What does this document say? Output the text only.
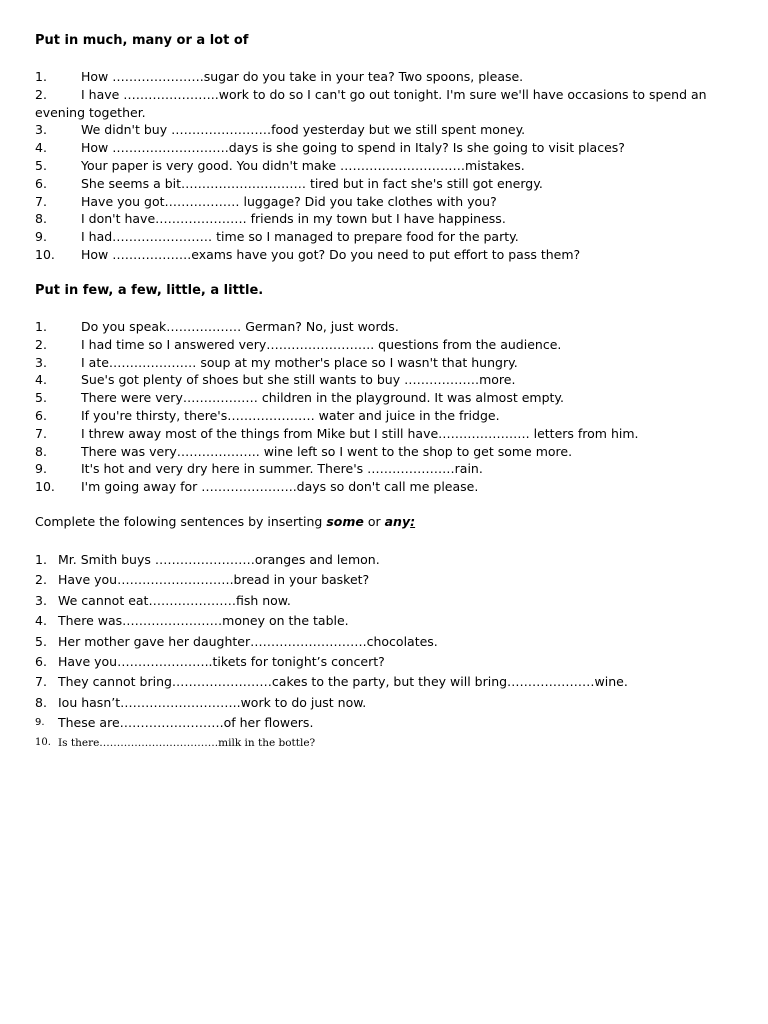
Put in much, many or a lot of
1.	How ………………….sugar do you take in your tea? Two spoons, please.
2.	I have …………………..work to do so I can't go out tonight. I'm sure we'll have occasions to spend an
evening together.
3.	We didn't buy ……………………food yesterday but we still spent money.
4.	How ……………………….days is she going to spend in Italy? Is she going to visit places?
5.	Your paper is very good. You didn't make …………………………mistakes.
6.	She seems a bit………………………… tired but in fact she's still got energy.
7.	Have you got……………… luggage? Did you take clothes with you?
8.	I don't have…………………. friends in my town but I have happiness.
9.	I had…………………… time so I managed to prepare food for the party.
10.	How ……………….exams have you got? Do you need to put effort to pass them?
Put in few, a few, little, a little.
1.	Do you speak……………… German? No, just words.
2.	I had time so I answered very…………………….. questions from the audience.
3.	I ate………………… soup at my mother's place so I wasn't that hungry.
4.	Sue's got plenty of shoes but she still wants to buy ………………more.
5.	There were very……………… children in the playground. It was almost empty.
6.	If you're thirsty, there's………………… water and juice in the fridge.
7.	I threw away most of the things from Mike but I still have…………………. letters from him.
8.	There was very……………….. wine left so I went to the shop to get some more.
9.	It's hot and very dry here in summer. There's …………………rain.
10.	I'm going away for …………………..days so don't call me please.
Complete the folowing sentences by inserting some or any:
1. Mr. Smith buys ……………………oranges and lemon.
2. Have you……………………….bread in your basket?
3. We cannot eat…………………fish now.
4. There was……………………money on the table.
5. Her mother gave her daughter……………………….chocolates.
6. Have you…………………..tikets for tonight’s concert?
7. They cannot bring……………………cakes to the party, but they will bring…………………wine.
8. Iou hasn’t………………………..work to do just now.
9.	These are…………………….of her flowers.
10. Is there…………………………….milk in the bottle?
